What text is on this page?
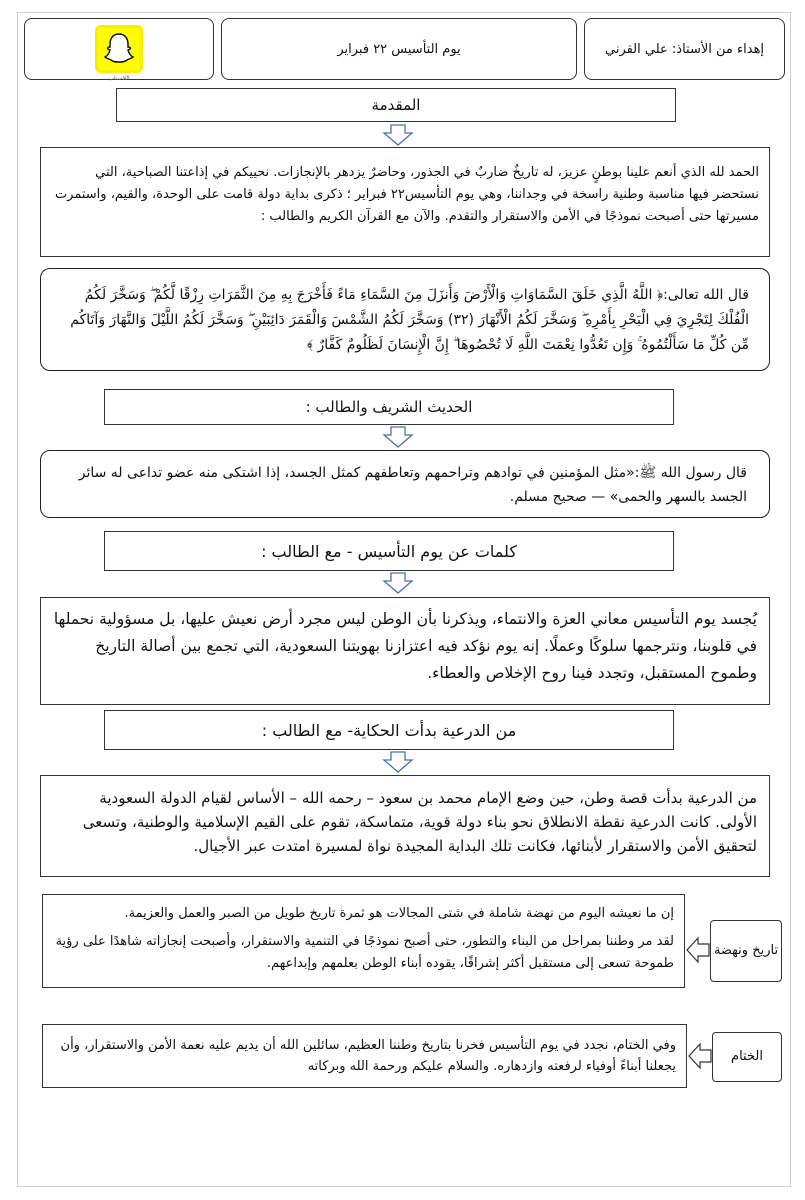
إهداء من الأستاذ: علي القرني
يوم التأسيس ٢٢ فبراير
اللاسناب
المقدمة
الحمد لله الذي أنعم علينا بوطنٍ عزيز، له تاريخٌ ضاربٌ في الجذور، وحاضرٌ يزدهر بالإنجازات. نحييكم في إذاعتنا الصباحية، التي نستحضر فيها مناسبة وطنية راسخة في وجداننا، وهي يوم التأسيس٢٢ فبراير ؛ ذكرى بداية دولة قامت على الوحدة، والقيم، واستمرت مسيرتها حتى أصبحت نموذجًا في الأمن والاستقرار والتقدم. والآن مع القرآن الكريم والطالب :
قال الله تعالى:﴿ اللَّهُ الَّذِي خَلَقَ السَّمَاوَاتِ وَالْأَرْضَ وَأَنزَلَ مِنَ السَّمَاءِ مَاءً فَأَخْرَجَ بِهِ مِنَ الثَّمَرَاتِ رِزْقًا لَّكُمْ ۖ وَسَخَّرَ لَكُمُ الْفُلْكَ لِتَجْرِيَ فِي الْبَحْرِ بِأَمْرِهِ ۖ وَسَخَّرَ لَكُمُ الْأَنْهَارَ (٣٢) وَسَخَّرَ لَكُمُ الشَّمْسَ وَالْقَمَرَ دَائِبَيْنِ ۖ وَسَخَّرَ لَكُمُ اللَّيْلَ وَالنَّهَارَ وَآتَاكُم مِّن كُلِّ مَا سَأَلْتُمُوهُ ۚ وَإِن تَعُدُّوا نِعْمَتَ اللَّهِ لَا تُحْصُوهَا ۗ إِنَّ الْإِنسَانَ لَظَلُومٌ كَفَّارٌ ﴾
الحديث الشريف والطالب :
قال رسول الله ﷺ:«مثل المؤمنين في توادهم وتراحمهم وتعاطفهم كمثل الجسد، إذا اشتكى منه عضو تداعى له سائر الجسد بالسهر والحمى» — صحيح مسلم.
كلمات عن يوم التأسيس - مع الطالب :
يُجسد يوم التأسيس معاني العزة والانتماء، ويذكرنا بأن الوطن ليس مجرد أرض نعيش عليها، بل مسؤولية نحملها في قلوبنا، ونترجمها سلوكًا وعملًا. إنه يوم نؤكد فيه اعتزازنا بهويتنا السعودية، التي تجمع بين أصالة التاريخ وطموح المستقبل، وتجدد فينا روح الإخلاص والعطاء.
من الدرعية بدأت الحكاية- مع الطالب :
من الدرعية بدأت قصة وطن، حين وضع الإمام محمد بن سعود – رحمه الله – الأساس لقيام الدولة السعودية الأولى. كانت الدرعية نقطة الانطلاق نحو بناء دولة قوية، متماسكة، تقوم على القيم الإسلامية والوطنية، وتسعى لتحقيق الأمن والاستقرار لأبنائها، فكانت تلك البداية المجيدة نواة لمسيرة امتدت عبر الأجيال.
تاريخ ونهضة
إن ما نعيشه اليوم من نهضة شاملة في شتى المجالات هو ثمرة تاريخ طويل من الصبر والعمل والعزيمة.
لقد مر وطننا بمراحل من البناء والتطور، حتى أصبح نموذجًا في التنمية والاستقرار، وأصبحت إنجازاته شاهدًا على رؤية طموحة تسعى إلى مستقبل أكثر إشراقًا، يقوده أبناء الوطن بعلمهم وإبداعهم.
الختام
وفي الختام، نجدد في يوم التأسيس فخرنا بتاريخ وطننا العظيم، سائلين الله أن يديم عليه نعمة الأمن والاستقرار، وأن يجعلنا أبناءً أوفياء لرفعته وازدهاره. والسلام عليكم ورحمة الله وبركاته
